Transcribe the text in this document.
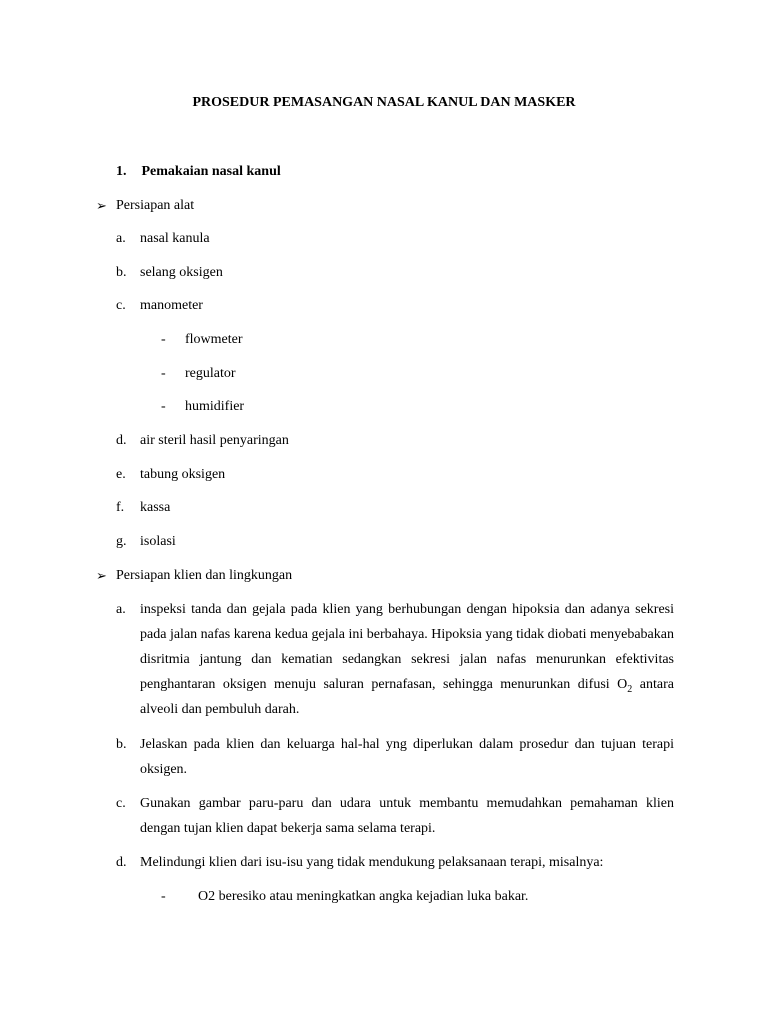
PROSEDUR PEMASANGAN NASAL KANUL DAN MASKER
1. Pemakaian nasal kanul
➢ Persiapan alat
a. nasal kanula
b. selang oksigen
c. manometer
- flowmeter
- regulator
- humidifier
d. air steril hasil penyaringan
e. tabung oksigen
f. kassa
g. isolasi
➢ Persiapan klien dan lingkungan
a. inspeksi tanda dan gejala pada klien yang berhubungan dengan hipoksia dan adanya sekresi pada jalan nafas karena kedua gejala ini berbahaya. Hipoksia yang tidak diobati menyebabakan disritmia jantung dan kematian sedangkan sekresi jalan nafas menurunkan efektivitas penghantaran oksigen menuju saluran pernafasan, sehingga menurunkan difusi $O_2$ antara alveoli dan pembuluh darah.
b. Jelaskan pada klien dan keluarga hal-hal yng diperlukan dalam prosedur dan tujuan terapi oksigen.
c. Gunakan gambar paru-paru dan udara untuk membantu memudahkan pemahaman klien dengan tujan klien dapat bekerja sama selama terapi.
d. Melindungi klien dari isu-isu yang tidak mendukung pelaksanaan terapi, misalnya:
- O2 beresiko atau meningkatkan angka kejadian luka bakar.
